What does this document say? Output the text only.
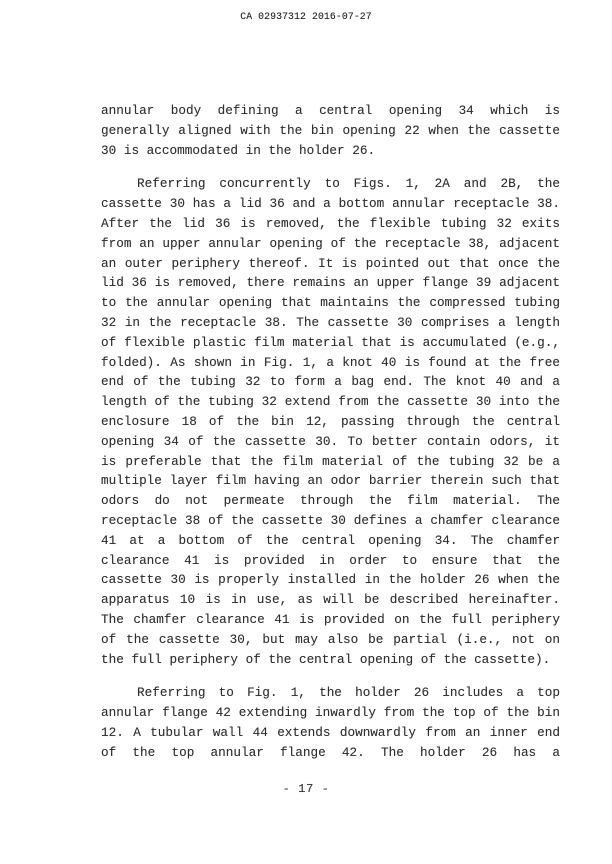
CA 02937312 2016-07-27
annular body defining a central opening 34 which is
generally aligned with the bin opening 22 when the cassette
30 is accommodated in the holder 26.
Referring concurrently to Figs. 1, 2A and 2B, the
cassette 30 has a lid 36 and a bottom annular receptacle 38.
After the lid 36 is removed, the flexible tubing 32 exits
from an upper annular opening of the receptacle 38, adjacent
an outer periphery thereof. It is pointed out that once the
lid 36 is removed, there remains an upper flange 39 adjacent
to the annular opening that maintains the compressed tubing
32 in the receptacle 38. The cassette 30 comprises a length
of flexible plastic film material that is accumulated (e.g.,
folded). As shown in Fig. 1, a knot 40 is found at the free
end of the tubing 32 to form a bag end. The knot 40 and a
length of the tubing 32 extend from the cassette 30 into the
enclosure 18 of the bin 12, passing through the central
opening 34 of the cassette 30. To better contain odors, it
is preferable that the film material of the tubing 32 be a
multiple layer film having an odor barrier therein such that
odors do not permeate through the film material. The
receptacle 38 of the cassette 30 defines a chamfer clearance
41 at a bottom of the central opening 34. The chamfer
clearance 41 is provided in order to ensure that the
cassette 30 is properly installed in the holder 26 when the
apparatus 10 is in use, as will be described hereinafter.
The chamfer clearance 41 is provided on the full periphery
of the cassette 30, but may also be partial (i.e., not on
the full periphery of the central opening of the cassette).
Referring to Fig. 1, the holder 26 includes a top
annular flange 42 extending inwardly from the top of the bin
12. A tubular wall 44 extends downwardly from an inner end
of the top annular flange 42. The holder 26 has a
- 17 -
